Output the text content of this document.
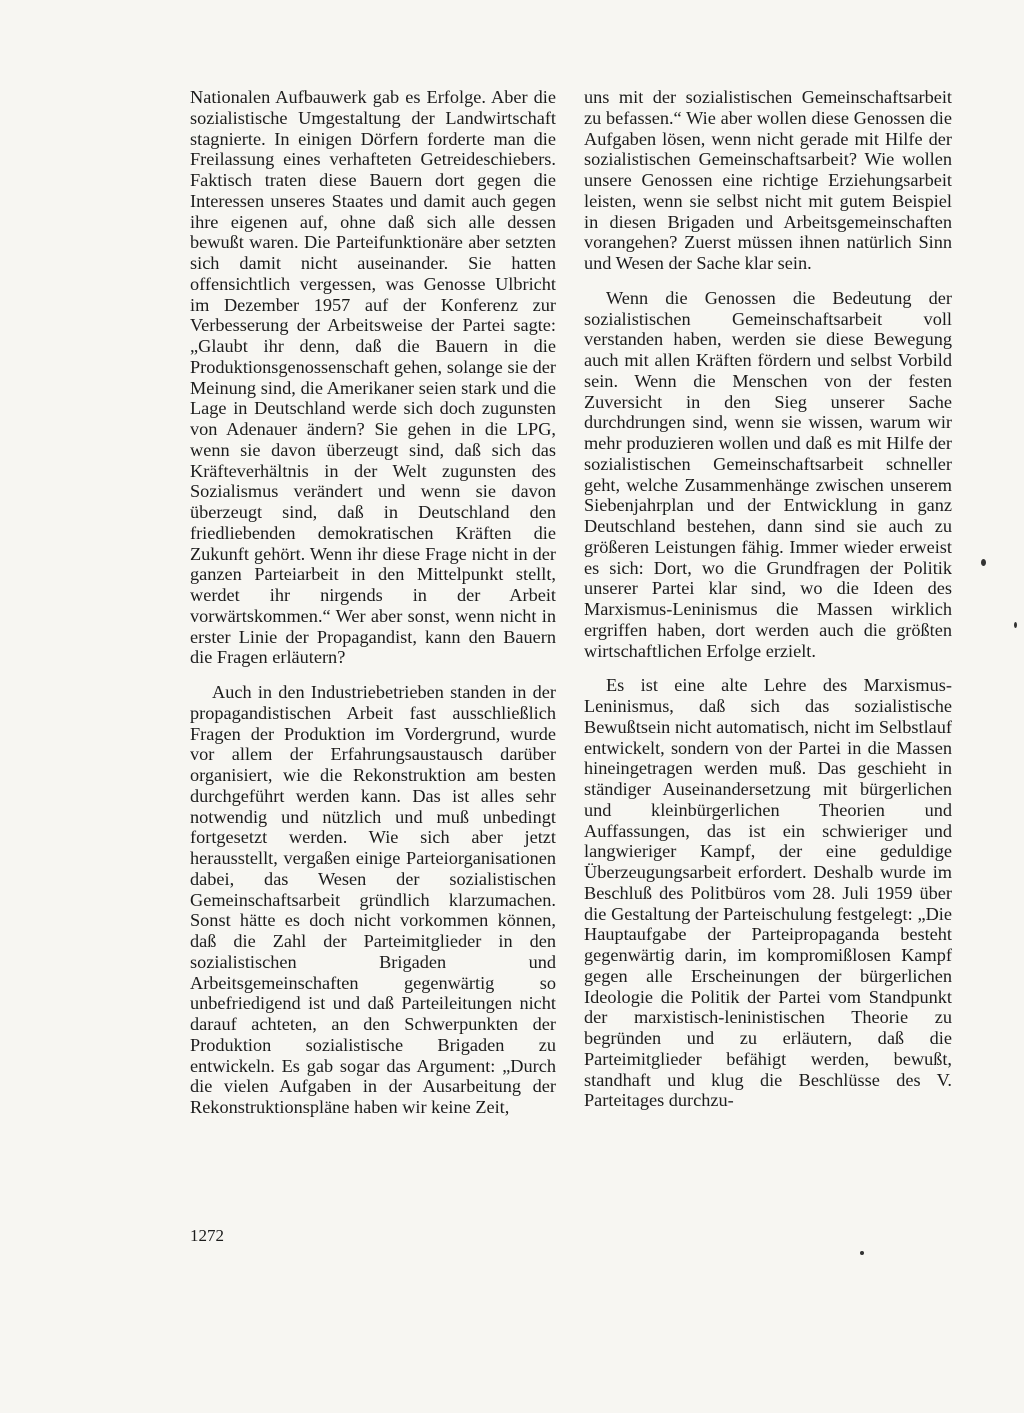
Nationalen Aufbauwerk gab es Erfolge. Aber die sozialistische Umgestaltung der Landwirtschaft stagnierte. In einigen Dörfern forderte man die Freilassung eines verhafteten Getreideschiebers. Faktisch traten diese Bauern dort gegen die Interessen unseres Staates und damit auch gegen ihre eigenen auf, ohne daß sich alle dessen bewußt waren. Die Parteifunktionäre aber setzten sich damit nicht auseinander. Sie hatten offensichtlich vergessen, was Genosse Ulbricht im Dezember 1957 auf der Konferenz zur Verbesserung der Arbeitsweise der Partei sagte: „Glaubt ihr denn, daß die Bauern in die Produktionsgenossenschaft gehen, solange sie der Meinung sind, die Amerikaner seien stark und die Lage in Deutschland werde sich doch zugunsten von Adenauer ändern? Sie gehen in die LPG, wenn sie davon überzeugt sind, daß sich das Kräfteverhältnis in der Welt zugunsten des Sozialismus verändert und wenn sie davon überzeugt sind, daß in Deutschland den friedliebenden demokratischen Kräften die Zukunft gehört. Wenn ihr diese Frage nicht in der ganzen Parteiarbeit in den Mittelpunkt stellt, werdet ihr nirgends in der Arbeit vorwärtskommen.“ Wer aber sonst, wenn nicht in erster Linie der Propagandist, kann den Bauern die Fragen erläutern?

Auch in den Industriebetrieben standen in der propagandistischen Arbeit fast ausschließlich Fragen der Produktion im Vordergrund, wurde vor allem der Erfahrungsaustausch darüber organisiert, wie die Rekonstruktion am besten durchgeführt werden kann. Das ist alles sehr notwendig und nützlich und muß unbedingt fortgesetzt werden. Wie sich aber jetzt herausstellt, vergaßen einige Parteiorganisationen dabei, das Wesen der sozialistischen Gemeinschaftsarbeit gründlich klarzumachen. Sonst hätte es doch nicht vorkommen können, daß die Zahl der Parteimitglieder in den sozialistischen Brigaden und Arbeitsgemeinschaften gegenwärtig so unbefriedigend ist und daß Parteileitungen nicht darauf achteten, an den Schwerpunkten der Produktion sozialistische Brigaden zu entwickeln. Es gab sogar das Argument: „Durch die vielen Aufgaben in der Ausarbeitung der Rekonstruktionspläne haben wir keine Zeit,

uns mit der sozialistischen Gemeinschaftsarbeit zu befassen.“ Wie aber wollen diese Genossen die Aufgaben lösen, wenn nicht gerade mit Hilfe der sozialistischen Gemeinschaftsarbeit? Wie wollen unsere Genossen eine richtige Erziehungsarbeit leisten, wenn sie selbst nicht mit gutem Beispiel in diesen Brigaden und Arbeitsgemeinschaften vorangehen? Zuerst müssen ihnen natürlich Sinn und Wesen der Sache klar sein.

Wenn die Genossen die Bedeutung der sozialistischen Gemeinschaftsarbeit voll verstanden haben, werden sie diese Bewegung auch mit allen Kräften fördern und selbst Vorbild sein. Wenn die Menschen von der festen Zuversicht in den Sieg unserer Sache durchdrungen sind, wenn sie wissen, warum wir mehr produzieren wollen und daß es mit Hilfe der sozialistischen Gemeinschaftsarbeit schneller geht, welche Zusammenhänge zwischen unserem Siebenjahrplan und der Entwicklung in ganz Deutschland bestehen, dann sind sie auch zu größeren Leistungen fähig. Immer wieder erweist es sich: Dort, wo die Grundfragen der Politik unserer Partei klar sind, wo die Ideen des Marxismus-Leninismus die Massen wirklich ergriffen haben, dort werden auch die größten wirtschaftlichen Erfolge erzielt.

Es ist eine alte Lehre des Marxismus-Leninismus, daß sich das sozialistische Bewußtsein nicht automatisch, nicht im Selbstlauf entwickelt, sondern von der Partei in die Massen hineingetragen werden muß. Das geschieht in ständiger Auseinandersetzung mit bürgerlichen und kleinbürgerlichen Theorien und Auffassungen, das ist ein schwieriger und langwieriger Kampf, der eine geduldige Überzeugungsarbeit erfordert. Deshalb wurde im Beschluß des Politbüros vom 28. Juli 1959 über die Gestaltung der Parteischulung festgelegt: „Die Hauptaufgabe der Parteipropaganda besteht gegenwärtig darin, im kompromißlosen Kampf gegen alle Erscheinungen der bürgerlichen Ideologie die Politik der Partei vom Standpunkt der marxistisch-leninistischen Theorie zu begründen und zu erläutern, daß die Parteimitglieder befähigt werden, bewußt, standhaft und klug die Beschlüsse des V. Parteitages durchzu-

1272
